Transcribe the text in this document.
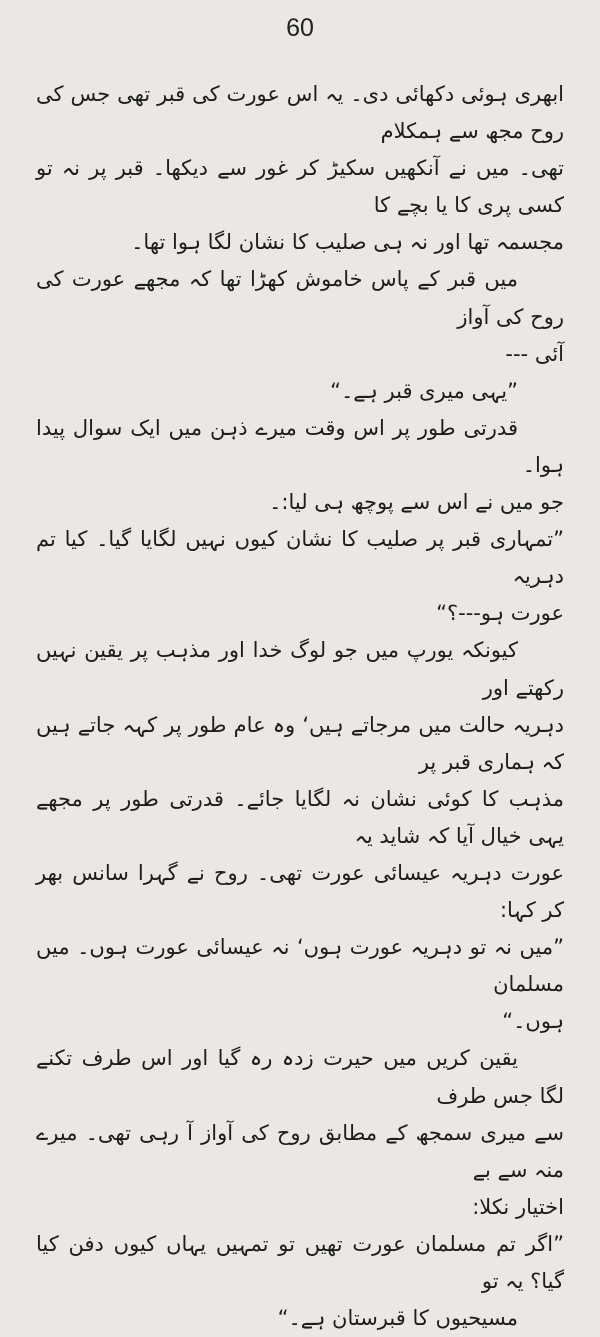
60

ابھری ہوئی دکھائی دی۔ یہ اس عورت کی قبر تھی جس کی روح مجھ سے ہمکلام

تھی۔ میں نے آنکھیں سکیڑ کر غور سے دیکھا۔ قبر پر نہ تو کسی پری کا یا بچے کا

مجسمہ تھا اور نہ ہی صلیب کا نشان لگا ہوا تھا۔

میں قبر کے پاس خاموش کھڑا تھا کہ مجھے عورت کی روح کی آواز

آئی ---

”یہی میری قبر ہے۔“

قدرتی طور پر اس وقت میرے ذہن میں ایک سوال پیدا ہوا۔

جو میں نے اس سے پوچھ ہی لیا:۔

”تمہاری قبر پر صلیب کا نشان کیوں نہیں لگایا گیا۔ کیا تم دہریہ

عورت ہو---؟“

کیونکہ یورپ میں جو لوگ خدا اور مذہب پر یقین نہیں رکھتے اور

دہریہ حالت میں مرجاتے ہیں‘ وہ عام طور پر کہہ جاتے ہیں کہ ہماری قبر پر

مذہب کا کوئی نشان نہ لگایا جائے۔ قدرتی طور پر مجھے یہی خیال آیا کہ شاید یہ

عورت دہریہ عیسائی عورت تھی۔ روح نے گہرا سانس بھر کر کہا:

”میں نہ تو دہریہ عورت ہوں‘ نہ عیسائی عورت ہوں۔ میں مسلمان

ہوں۔“

یقین کریں میں حیرت زدہ رہ گیا اور اس طرف تکنے لگا جس طرف

سے میری سمجھ کے مطابق روح کی آواز آ رہی تھی۔ میرے منہ سے بے

اختیار نکلا:

”اگر تم مسلمان عورت تھیں تو تمہیں یہاں کیوں دفن کیا گیا؟ یہ تو

مسیحیوں کا قبرستان ہے۔“
